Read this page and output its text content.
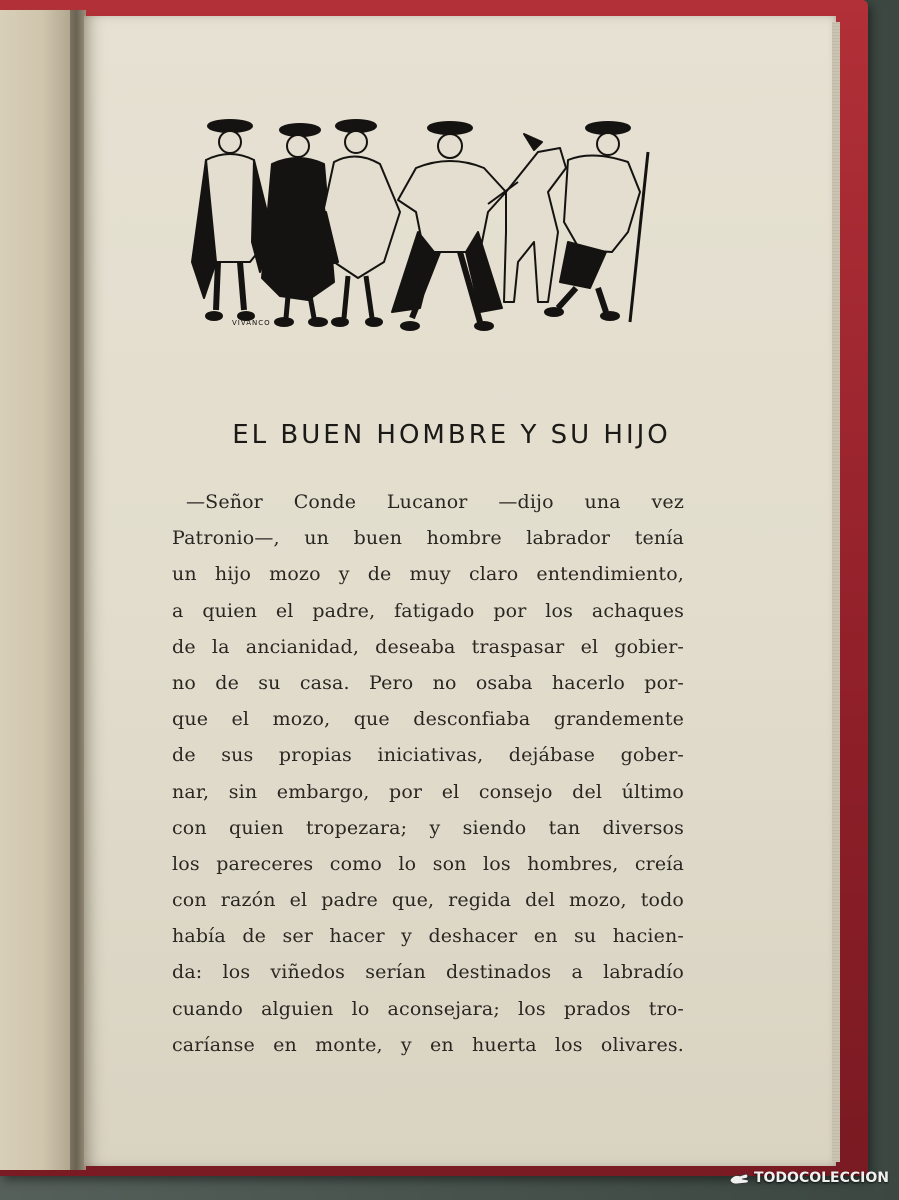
VIVANCO
EL BUEN HOMBRE Y SU HIJO
—Señor Conde Lucanor —dijo una vez
Patronio—, un buen hombre labrador tenía
un hijo mozo y de muy claro entendimiento,
a quien el padre, fatigado por los achaques
de la ancianidad, deseaba traspasar el gobier-
no de su casa. Pero no osaba hacerlo por-
que el mozo, que desconfiaba grandemente
de sus propias iniciativas, dejábase gober-
nar, sin embargo, por el consejo del último
con quien tropezara; y siendo tan diversos
los pareceres como lo son los hombres, creía
con razón el padre que, regida del mozo, todo
había de ser hacer y deshacer en su hacien-
da: los viñedos serían destinados a labradío
cuando alguien lo aconsejara; los prados tro-
caríanse en monte, y en huerta los olivares.
TODOCOLECCION
